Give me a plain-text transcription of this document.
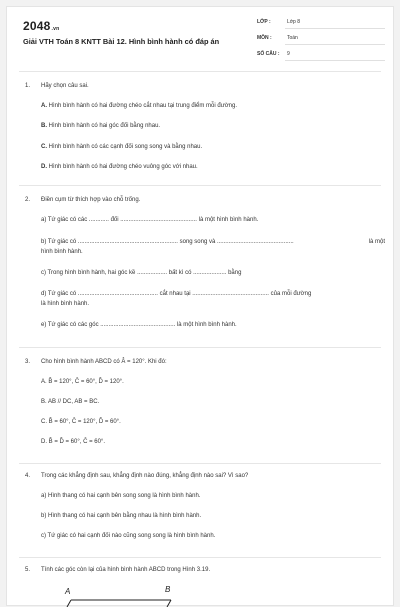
2048.vn
Giải VTH Toán 8 KNTT Bài 12. Hình bình hành có đáp án
LỚP :	Lớp 8
MÔN :	Toán
SỐ CÂU : 9
1. Hãy chọn câu sai.
A. Hình bình hành có hai đường chéo cắt nhau tại trung điểm mỗi đường.
B. Hình bình hành có hai góc đối bằng nhau.
C. Hình bình hành có các cạnh đối song song và bằng nhau.
D. Hình bình hành có hai đường chéo vuông góc với nhau.
2. Điền cụm từ thích hợp vào chỗ trống.
a) Tứ giác có các ............ đối .............................................. là một hình bình hành.
b) Tứ giác có ............................................................ song song và ..............................................	là một
hình bình hành.
c) Trong hình bình hành, hai góc kề .................. bất kì có .................... bằng
d) Tứ giác có ................................................ cắt nhau tại .............................................. của mỗi đường
là hình bình hành.
e) Tứ giác có các góc ............................................. là một hình bình hành.
3. Cho hình bình hành ABCD có Â = 120°. Khi đó:
A. B̂ = 120°, Ĉ = 60°, D̂ = 120°.
B. AB // DC, AB = BC.
C. B̂ = 60°, Ĉ = 120°, D̂ = 60°.
D. B̂ = D̂ = 60°, Ĉ = 60°.
4. Trong các khẳng định sau, khẳng định nào đúng, khẳng định nào sai? Vì sao?
a) Hình thang có hai cạnh bên song song là hình bình hành.
b) Hình thang có hai cạnh bên bằng nhau là hình bình hành.
c) Tứ giác có hai cạnh đối nào cũng song song là hình bình hành.
5. Tính các góc còn lại của hình bình hành ABCD trong Hình 3.19.
A	B
